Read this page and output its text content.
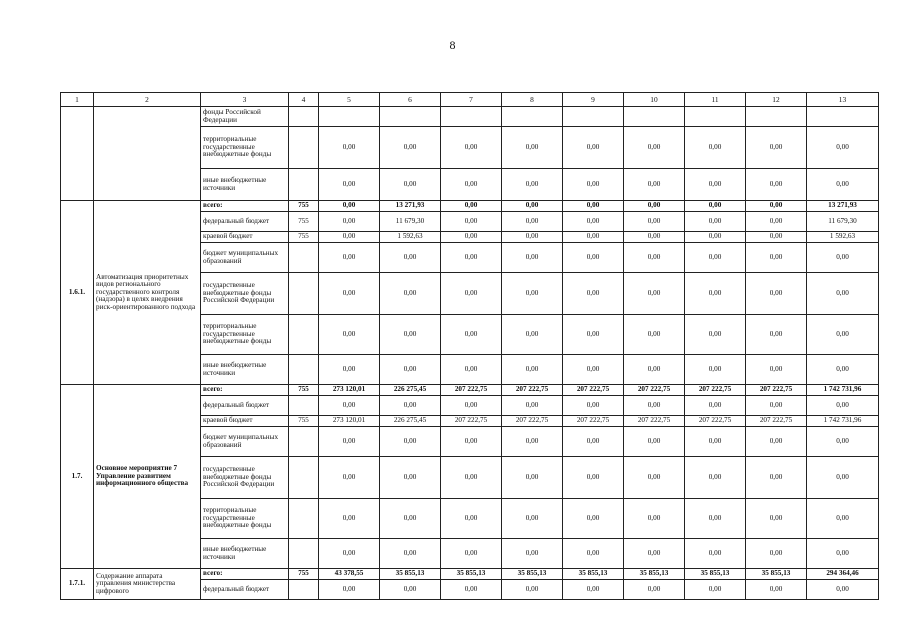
8
1	2	3	4	5	6	7	8	9	10	11	12	13
		фонды Российской Федерации										
		территориальные государственные внебюджетные фонды		0,00	0,00	0,00	0,00	0,00	0,00	0,00	0,00	0,00
		иные внебюджетные источники		0,00	0,00	0,00	0,00	0,00	0,00	0,00	0,00	0,00
1.6.1.	Автоматизация приоритетных видов регионального государственного контроля (надзора) в целях внедрения риск-ориентированного подхода	всего:	755	0,00	13 271,93	0,00	0,00	0,00	0,00	0,00	0,00	13 271,93
		федеральный бюджет	755	0,00	11 679,30	0,00	0,00	0,00	0,00	0,00	0,00	11 679,30
		краевой бюджет	755	0,00	1 592,63	0,00	0,00	0,00	0,00	0,00	0,00	1 592,63
		бюджет муниципальных образований		0,00	0,00	0,00	0,00	0,00	0,00	0,00	0,00	0,00
		государственные внебюджетные фонды Российской Федерации		0,00	0,00	0,00	0,00	0,00	0,00	0,00	0,00	0,00
		территориальные государственные внебюджетные фонды		0,00	0,00	0,00	0,00	0,00	0,00	0,00	0,00	0,00
		иные внебюджетные источники		0,00	0,00	0,00	0,00	0,00	0,00	0,00	0,00	0,00
1.7.	Основное мероприятие 7 Управление развитием информационного общества	всего:	755	273 120,01	226 275,45	207 222,75	207 222,75	207 222,75	207 222,75	207 222,75	207 222,75	1 742 731,96
		федеральный бюджет		0,00	0,00	0,00	0,00	0,00	0,00	0,00	0,00	0,00
		краевой бюджет	755	273 120,01	226 275,45	207 222,75	207 222,75	207 222,75	207 222,75	207 222,75	207 222,75	1 742 731,96
		бюджет муниципальных образований		0,00	0,00	0,00	0,00	0,00	0,00	0,00	0,00	0,00
		государственные внебюджетные фонды Российской Федерации		0,00	0,00	0,00	0,00	0,00	0,00	0,00	0,00	0,00
		территориальные государственные внебюджетные фонды		0,00	0,00	0,00	0,00	0,00	0,00	0,00	0,00	0,00
		иные внебюджетные источники		0,00	0,00	0,00	0,00	0,00	0,00	0,00	0,00	0,00
1.7.1.	Содержание аппарата управления министерства цифрового	всего:	755	43 378,55	35 855,13	35 855,13	35 855,13	35 855,13	35 855,13	35 855,13	35 855,13	294 364,46
		федеральный бюджет		0,00	0,00	0,00	0,00	0,00	0,00	0,00	0,00	0,00
